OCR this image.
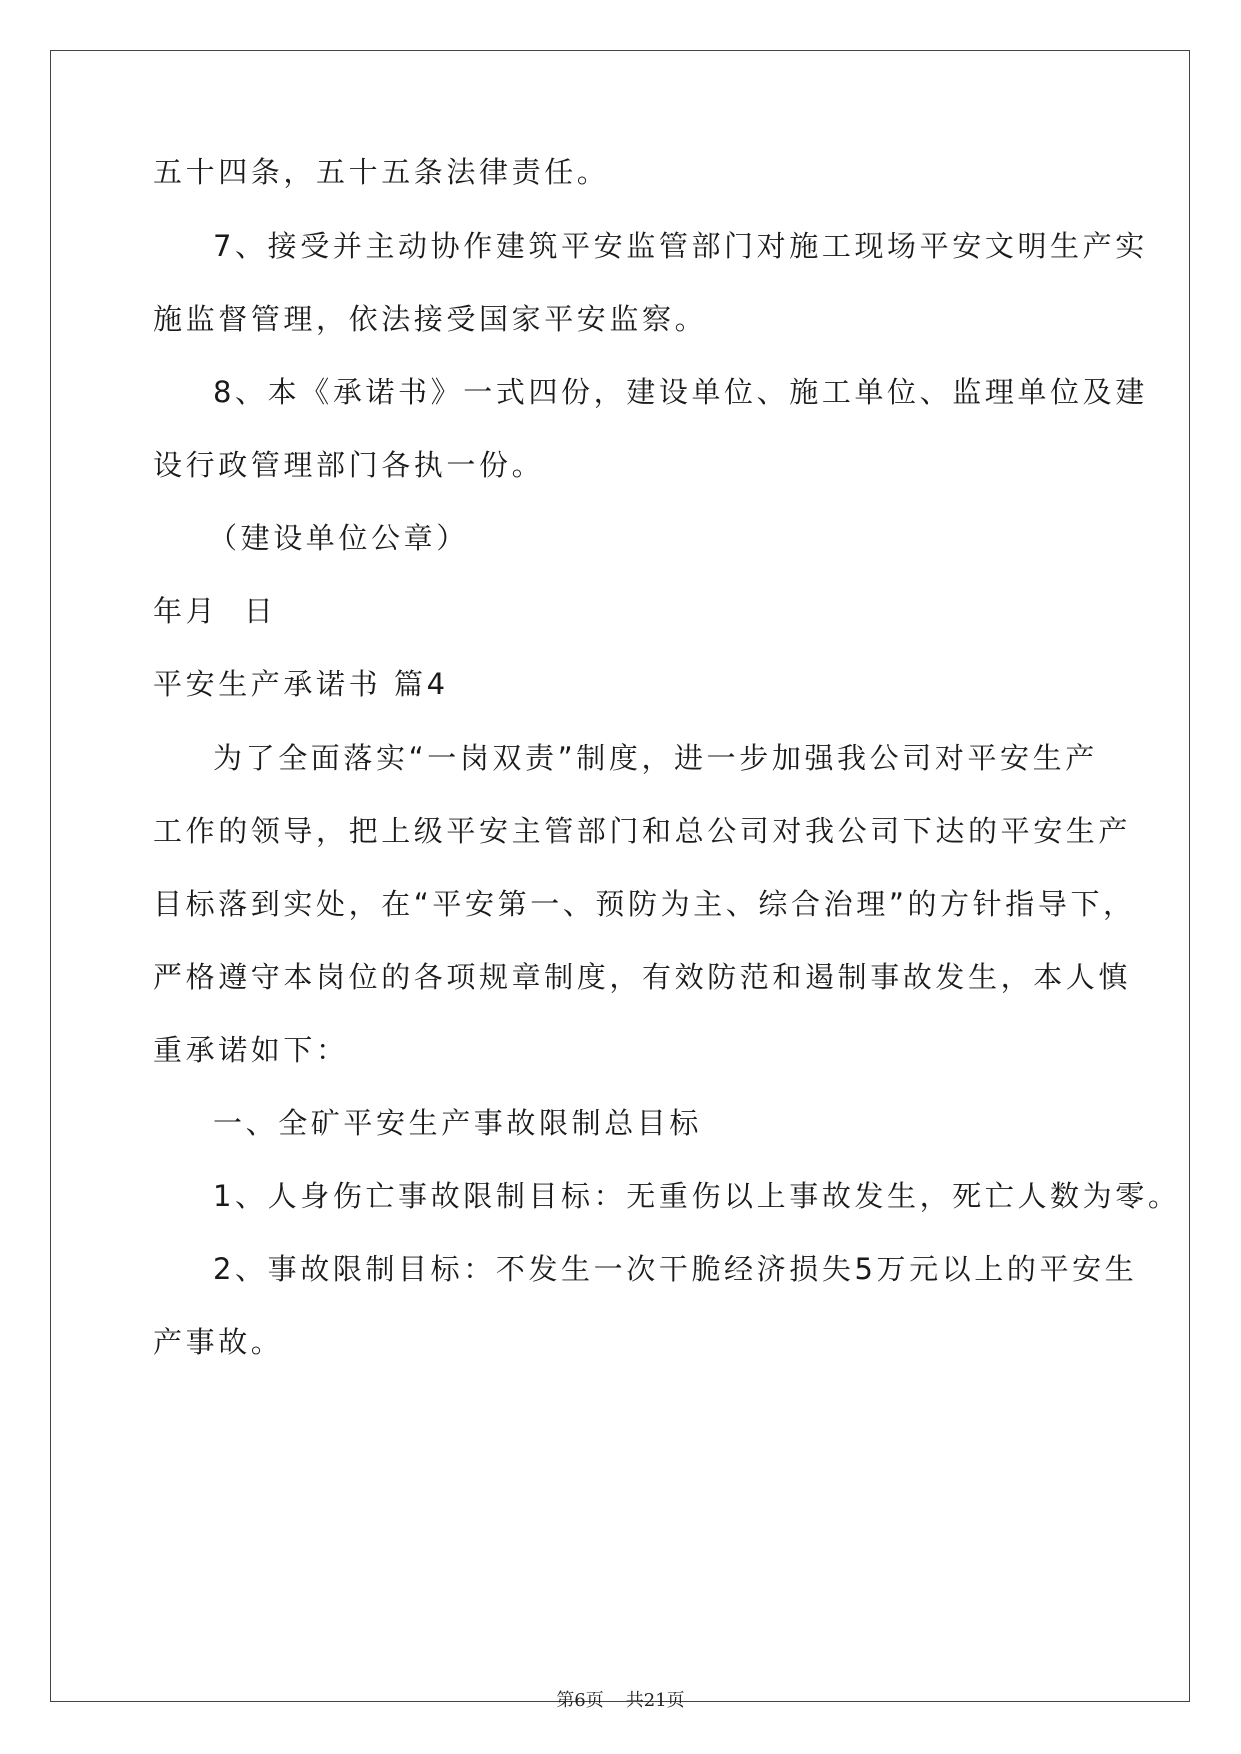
五十四条，五十五条法律责任。
7、接受并主动协作建筑平安监管部门对施工现场平安文明生产实
施监督管理，依法接受国家平安监察。
8、本《承诺书》一式四份，建设单位、施工单位、监理单位及建
设行政管理部门各执一份。
（建设单位公章）
年月  日
平安生产承诺书 篇4
为了全面落实“一岗双责”制度，进一步加强我公司对平安生产
工作的领导，把上级平安主管部门和总公司对我公司下达的平安生产
目标落到实处，在“平安第一、预防为主、综合治理”的方针指导下，
严格遵守本岗位的各项规章制度，有效防范和遏制事故发生，本人慎
重承诺如下：
一、全矿平安生产事故限制总目标
1、人身伤亡事故限制目标：无重伤以上事故发生，死亡人数为零。
2、事故限制目标：不发生一次干脆经济损失5万元以上的平安生
产事故。
第6页 共21页
